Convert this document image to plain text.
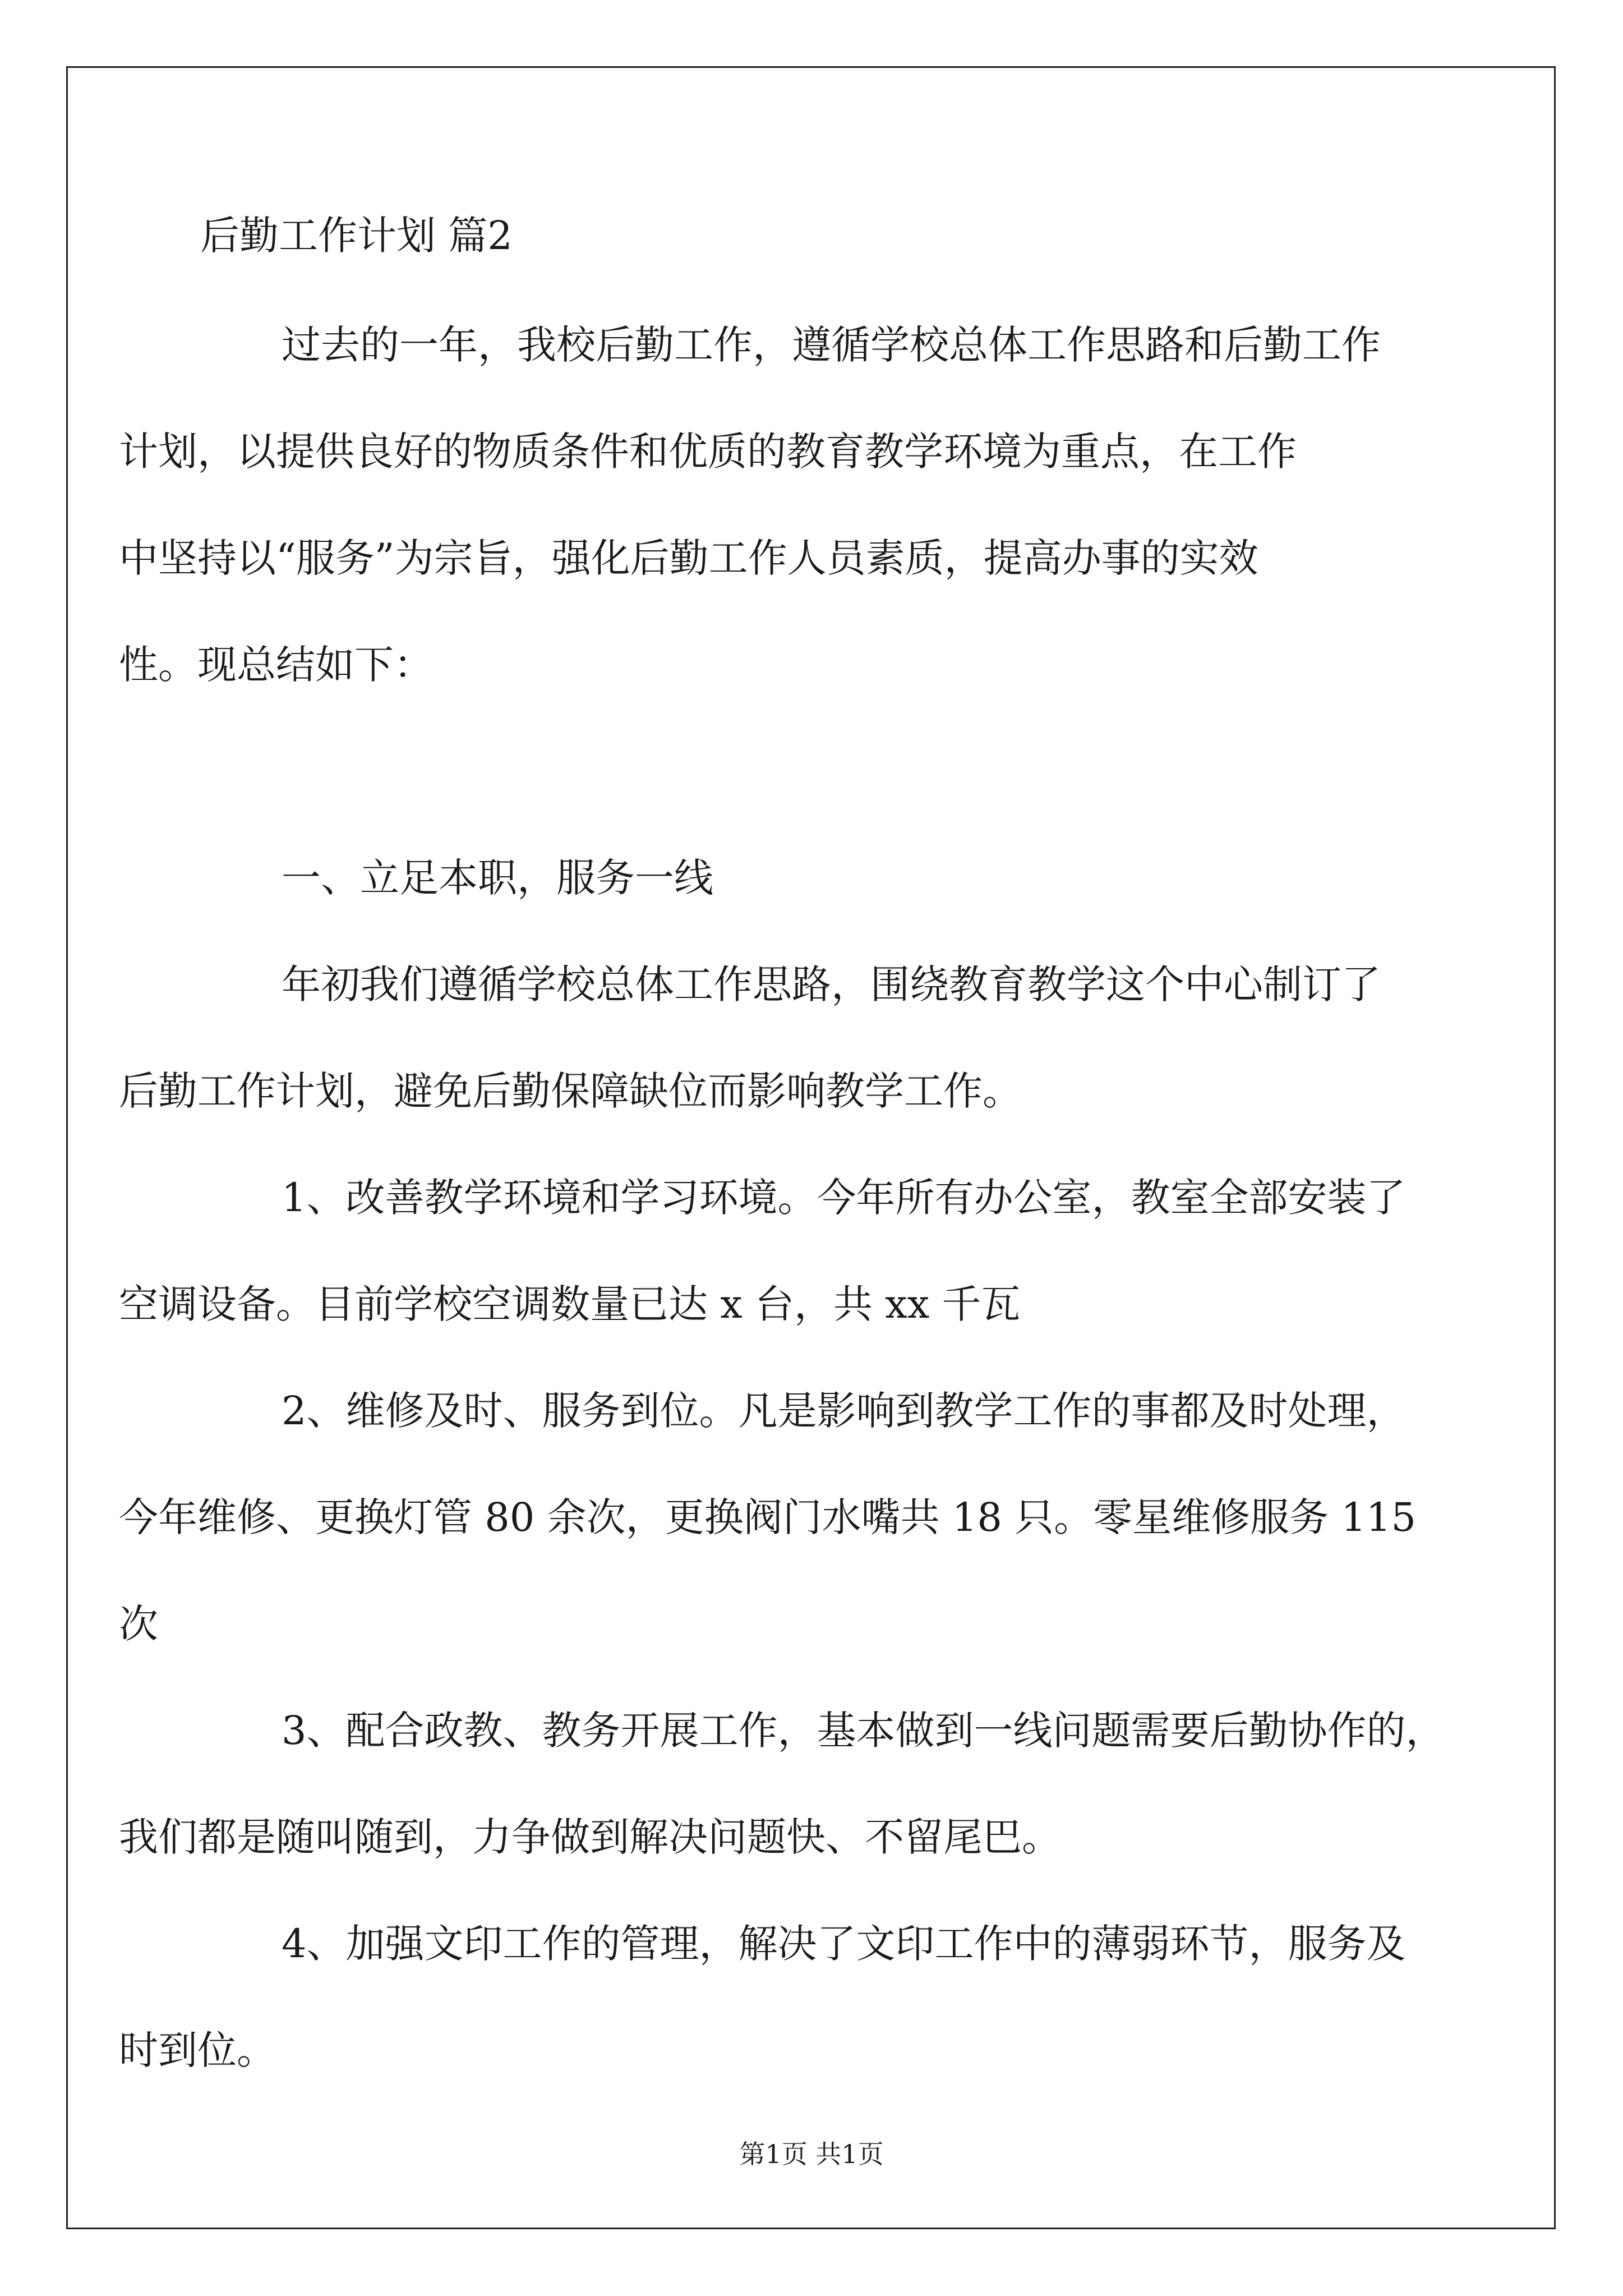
后勤工作计划 篇2

过去的一年，我校后勤工作，遵循学校总体工作思路和后勤工作
计划，以提供良好的物质条件和优质的教育教学环境为重点，在工作
中坚持以“服务”为宗旨，强化后勤工作人员素质，提高办事的实效
性。现总结如下：

一、立足本职，服务一线

年初我们遵循学校总体工作思路，围绕教育教学这个中心制订了
后勤工作计划，避免后勤保障缺位而影响教学工作。

1、改善教学环境和学习环境。今年所有办公室，教室全部安装了
空调设备。目前学校空调数量已达 x 台，共 xx 千瓦

2、维修及时、服务到位。凡是影响到教学工作的事都及时处理，
今年维修、更换灯管 80 余次，更换阀门水嘴共 18 只。零星维修服务 115
次

3、配合政教、教务开展工作，基本做到一线问题需要后勤协作的，
我们都是随叫随到，力争做到解决问题快、不留尾巴。

4、加强文印工作的管理，解决了文印工作中的薄弱环节，服务及
时到位。

第1页 共1页
